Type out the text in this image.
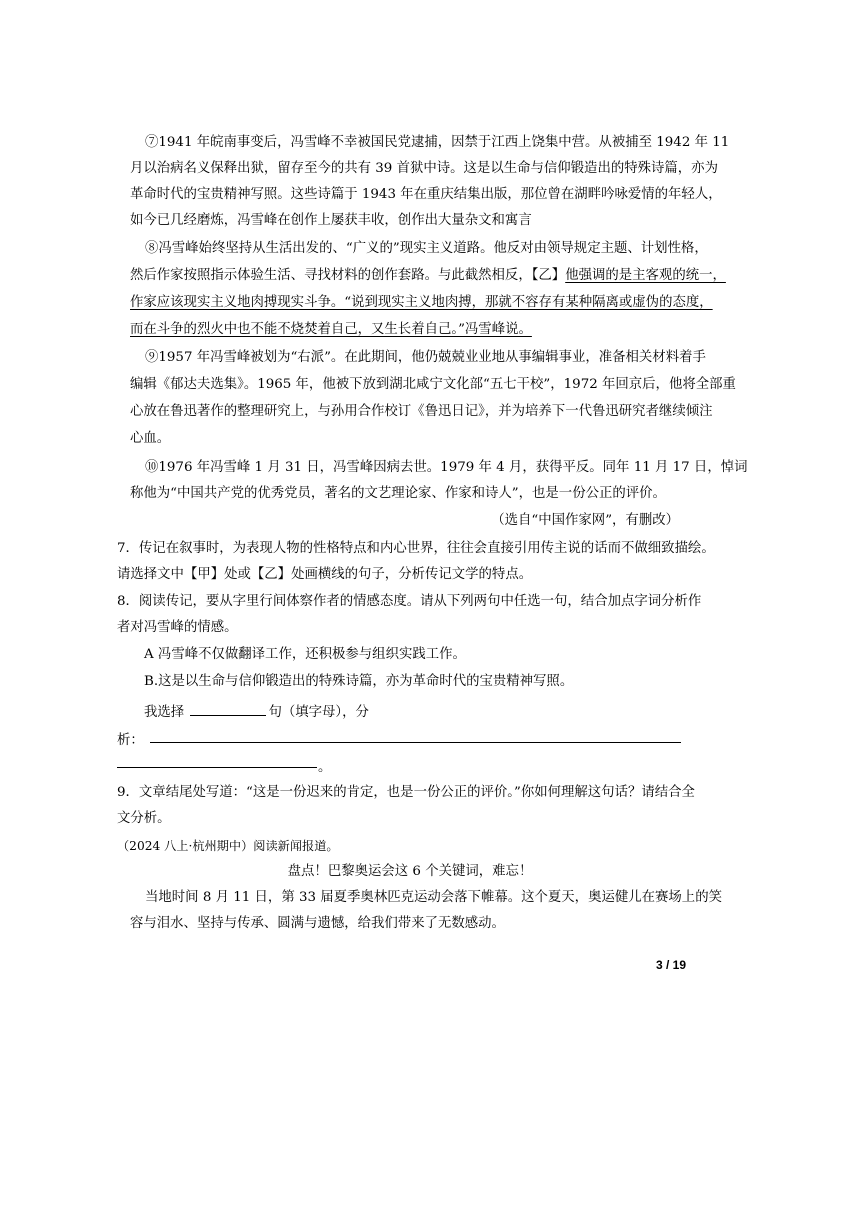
⑦1941 年皖南事变后，冯雪峰不幸被国民党逮捕，因禁于江西上饶集中营。从被捕至 1942 年 11
月以治病名义保释出狱，留存至今的共有 39 首狱中诗。这是以生命与信仰锻造出的特殊诗篇，亦为
革命时代的宝贵精神写照。这些诗篇于 1943 年在重庆结集出版，那位曾在湖畔吟咏爱情的年轻人，
如今已几经磨炼，冯雪峰在创作上屡获丰收，创作出大量杂文和寓言
⑧冯雪峰始终坚持从生活出发的、“广义的”现实主义道路。他反对由领导规定主题、计划性格，
然后作家按照指示体验生活、寻找材料的创作套路。与此截然相反，【乙】他强调的是主客观的统一，
作家应该现实主义地肉搏现实斗争。“说到现实主义地肉搏，那就不容存有某种隔离或虚伪的态度，
而在斗争的烈火中也不能不烧焚着自己，又生长着自己。”冯雪峰说。
⑨1957 年冯雪峰被划为“右派”。在此期间，他仍兢兢业业地从事编辑事业，准备相关材料着手
编辑《郁达夫选集》。1965 年，他被下放到湖北咸宁文化部“五七干校”，1972 年回京后，他将全部重
心放在鲁迅著作的整理研究上，与孙用合作校订《鲁迅日记》，并为培养下一代鲁迅研究者继续倾注
心血。
⑩1976 年冯雪峰 1 月 31 日，冯雪峰因病去世。1979 年 4 月，获得平反。同年 11 月 17 日，悼词
称他为“中国共产党的优秀党员，著名的文艺理论家、作家和诗人”，也是一份公正的评价。
（选自“中国作家网”，有删改）
7．传记在叙事时，为表现人物的性格特点和内心世界，往往会直接引用传主说的话而不做细致描绘。
请选择文中【甲】处或【乙】处画横线的句子，分析传记文学的特点。
8．阅读传记，要从字里行间体察作者的情感态度。请从下列两句中任选一句，结合加点字词分析作
者对冯雪峰的情感。
A 冯雪峰不仅做翻译工作，还积极参与组织实践工作。
B.这是以生命与信仰锻造出的特殊诗篇，亦为革命时代的宝贵精神写照。
我选择	句（填字母），分
析：
。
9．文章结尾处写道：“这是一份迟来的肯定，也是一份公正的评价。”你如何理解这句话？请结合全
文分析。
（2024 八上·杭州期中）阅读新闻报道。
盘点！巴黎奥运会这 6 个关键词，难忘！
当地时间 8 月 11 日，第 33 届夏季奥林匹克运动会落下帷幕。这个夏天，奥运健儿在赛场上的笑
容与泪水、坚持与传承、圆满与遗憾，给我们带来了无数感动。
3 / 19
